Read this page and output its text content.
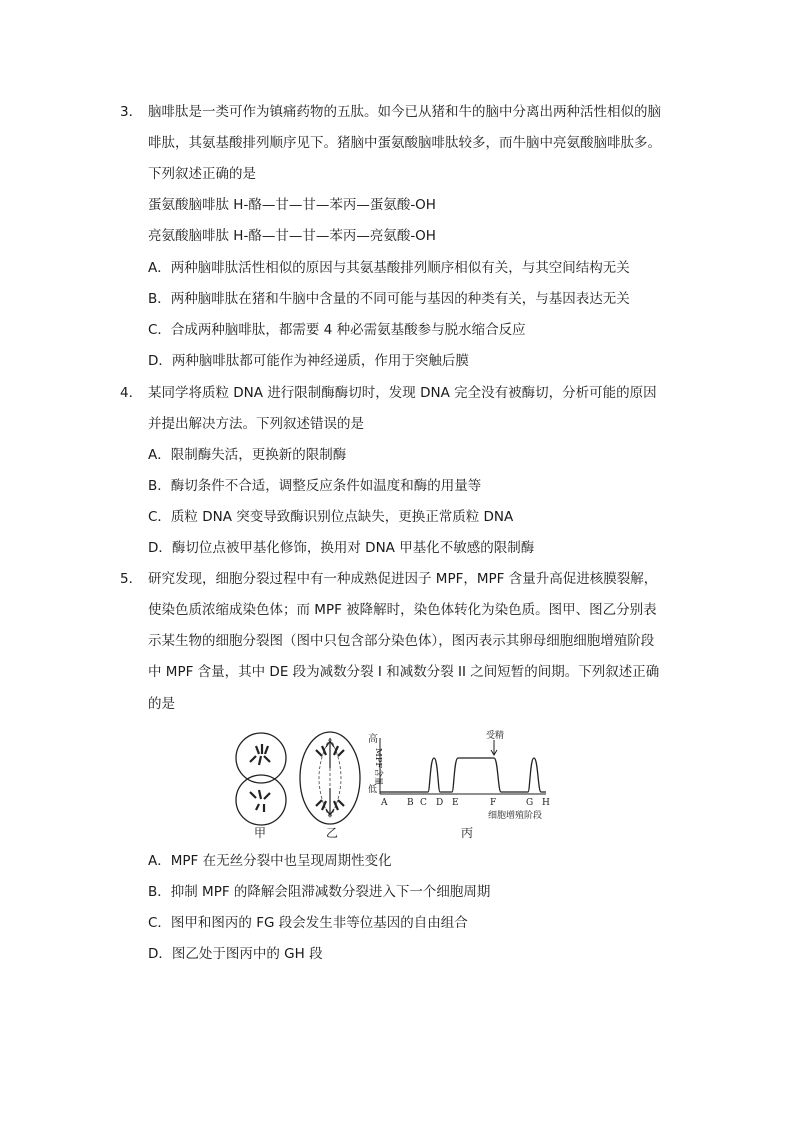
3． 脑啡肽是一类可作为镇痛药物的五肽。如今已从猪和牛的脑中分离出两种活性相似的脑
啡肽，其氨基酸排列顺序见下。猪脑中蛋氨酸脑啡肽较多，而牛脑中亮氨酸脑啡肽多。
下列叙述正确的是
蛋氨酸脑啡肽 H-酪—甘—甘—苯丙—蛋氨酸-OH
亮氨酸脑啡肽 H-酪—甘—甘—苯丙—亮氨酸-OH
A．两种脑啡肽活性相似的原因与其氨基酸排列顺序相似有关，与其空间结构无关
B．两种脑啡肽在猪和牛脑中含量的不同可能与基因的种类有关，与基因表达无关
C．合成两种脑啡肽，都需要 4 种必需氨基酸参与脱水缩合反应
D．两种脑啡肽都可能作为神经递质，作用于突触后膜
4． 某同学将质粒 DNA 进行限制酶酶切时，发现 DNA 完全没有被酶切，分析可能的原因
并提出解决方法。下列叙述错误的是
A．限制酶失活，更换新的限制酶
B．酶切条件不合适，调整反应条件如温度和酶的用量等
C．质粒 DNA 突变导致酶识别位点缺失，更换正常质粒 DNA
D．酶切位点被甲基化修饰，换用对 DNA 甲基化不敏感的限制酶
5． 研究发现，细胞分裂过程中有一种成熟促进因子 MPF，MPF 含量升高促进核膜裂解，
使染色质浓缩成染色体；而 MPF 被降解时，染色体转化为染色质。图甲、图乙分别表
示某生物的细胞分裂图（图中只包含部分染色体），图丙表示其卵母细胞细胞增殖阶段
中 MPF 含量，其中 DE 段为减数分裂 I 和减数分裂 II 之间短暂的间期。下列叙述正确
的是
高
低
MPF含量
受精
A B C D E	F	G H
细胞增殖阶段
甲	乙	丙
A．MPF 在无丝分裂中也呈现周期性变化
B．抑制 MPF 的降解会阻滞减数分裂进入下一个细胞周期
C．图甲和图丙的 FG 段会发生非等位基因的自由组合
D．图乙处于图丙中的 GH 段
